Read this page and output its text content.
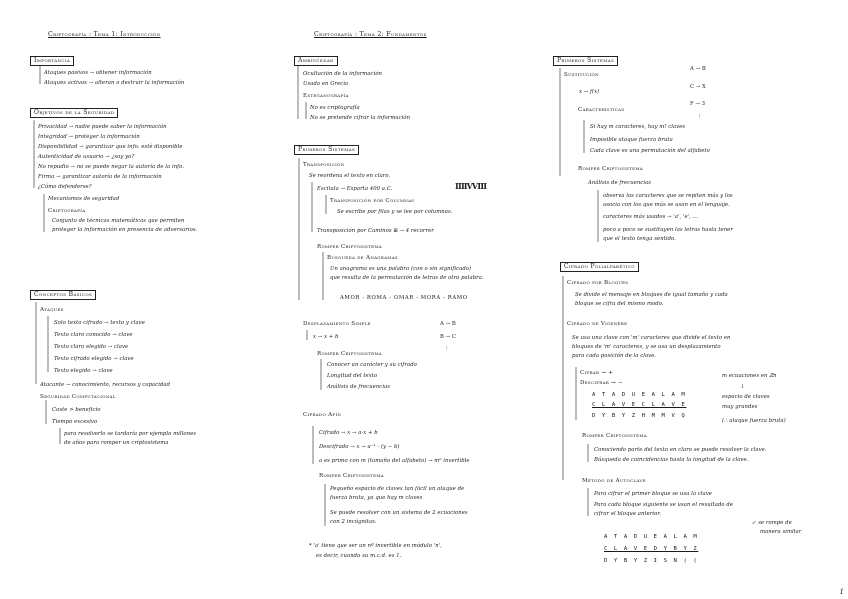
Criptografía : Tema 1: Introducción
Importancia
Ataques pasivos → obtener información
Ataques activos → alteran o destruir la información
Objetivos de la Seguridad
Privacidad → nadie puede saber la información
Integridad → proteger la información
Disponibilidad → garantizar que info. esté disponible
Autenticidad de usuario → ¿soy yo?
No repudio → no se puede negar la autoría de la info.
Firma → garantizar autoría de la información
¿Cómo defenderse?
Mecanismos de seguridad
Criptografía
Conjunto de técnicas matemáticas que permiten
proteger la información en presencia de adversarios.
Conceptos Básicos
Ataques
Solo texto cifrado → texto y clave
Texto claro conocido → clave
Texto claro elegido → clave
Texto cifrado elegido → clave
Texto elegido → clave
Atacante → conocimiento, recursos y capacidad
Seguridad Computacional
Coste > beneficio
Tiempo excesivo
para resolverlo se tardaría por ejemplo millones
de años para romper un criptosistema
Criptografía : Tema 2: Fundamentos
Ambigüedad
Ocultación de la información
Usada en Grecia
Esteganografía
No es criptografía
No se pretende cifrar la información
Primeros Sistemas
Transposición
Se reordena el texto en claro.
Escitala → Esparta 400 a.C.	ⅢⅣⅧ
Transposición por Columnas
Se escribe por filas y se lee por columnas.
Transposición por Caminos ⊞ → 4 recorrer
Romper Criptosistema
Búsqueda de Anagramas
Un anagrama es una palabra (con o sin significado)
que resulta de la permutación de letras de otra palabra.
AMOR - ROMA - OMAR - MORA - RAMO
Desplazamiento Simple
x → x + b
A → B
B → C
⋮
Romper Criptosistema
Conocer un carácter y su cifrado
Longitud del texto
Análisis de frecuencias
Cifrado Afín
Cifrado → x → a·x + b
Descifrado → x → a⁻¹ · (y − b)
a es primo con m (tamaño del alfabeto) → m⁰ invertible
Romper Criptosistema
Pequeño espacio de claves tan fácil un ataque de
fuerza bruta, ya que hay m claves
Se puede resolver con un sistema de 2 ecuaciones
con 2 incógnitas.
* 'a' tiene que ser un nº invertible en módulo 'n',
es decir, cuando su m.c.d. es 1.
Primeros Sistemas
Sustitución
A → B
C → X
F → 3
⋮
x → f(x)
Características
Si hay m caracteres, hay m! claves
Imposible ataque fuerza bruta
Cada clave es una permutación del alfabeto
Romper Criptosistema
Análisis de frecuencias
observa los caracteres que se repiten más y los
asocia con los que más se usan en el lenguaje.
caracteres más usados → 'a', 'e', ...
poco a poco se sustituyen las letras hasta tener
que el texto tenga sentido.
Cifrado Polialfabético
Cifrado por Bloques
Se divide el mensaje en bloques de igual tamaño y cada
bloque se cifra del mismo modo.
Cifrado de Vigenère
Se usa una clave con 'm' caracteres que divide el texto en
bloques de 'm' caracteres, y se usa un desplazamiento
para cada posición de la clave.
Cifrar → +
Descifrar → −
m ecuaciones en ℤn
↓
espacio de claves
muy grandes
(∴ ataque fuerza bruta)
A T A D U E A L A M
C L A V E C L A V E
D Y B Y Z H M M V Q
Romper Criptosistema
Conociendo parte del texto en claro se puede resolver la clave.
Búsqueda de coincidencias hasta la longitud de la clave.
Método de Autoclave
Para cifrar el primer bloque se usa la clave
Para cada bloque siguiente se usan el resultado de
cifrar el bloque anterior.
↙ se rompe de
manera similar
A T A D U E A L A M
C L A V E D Y B Y Z
D Y B Y Z I S N ( (
1
